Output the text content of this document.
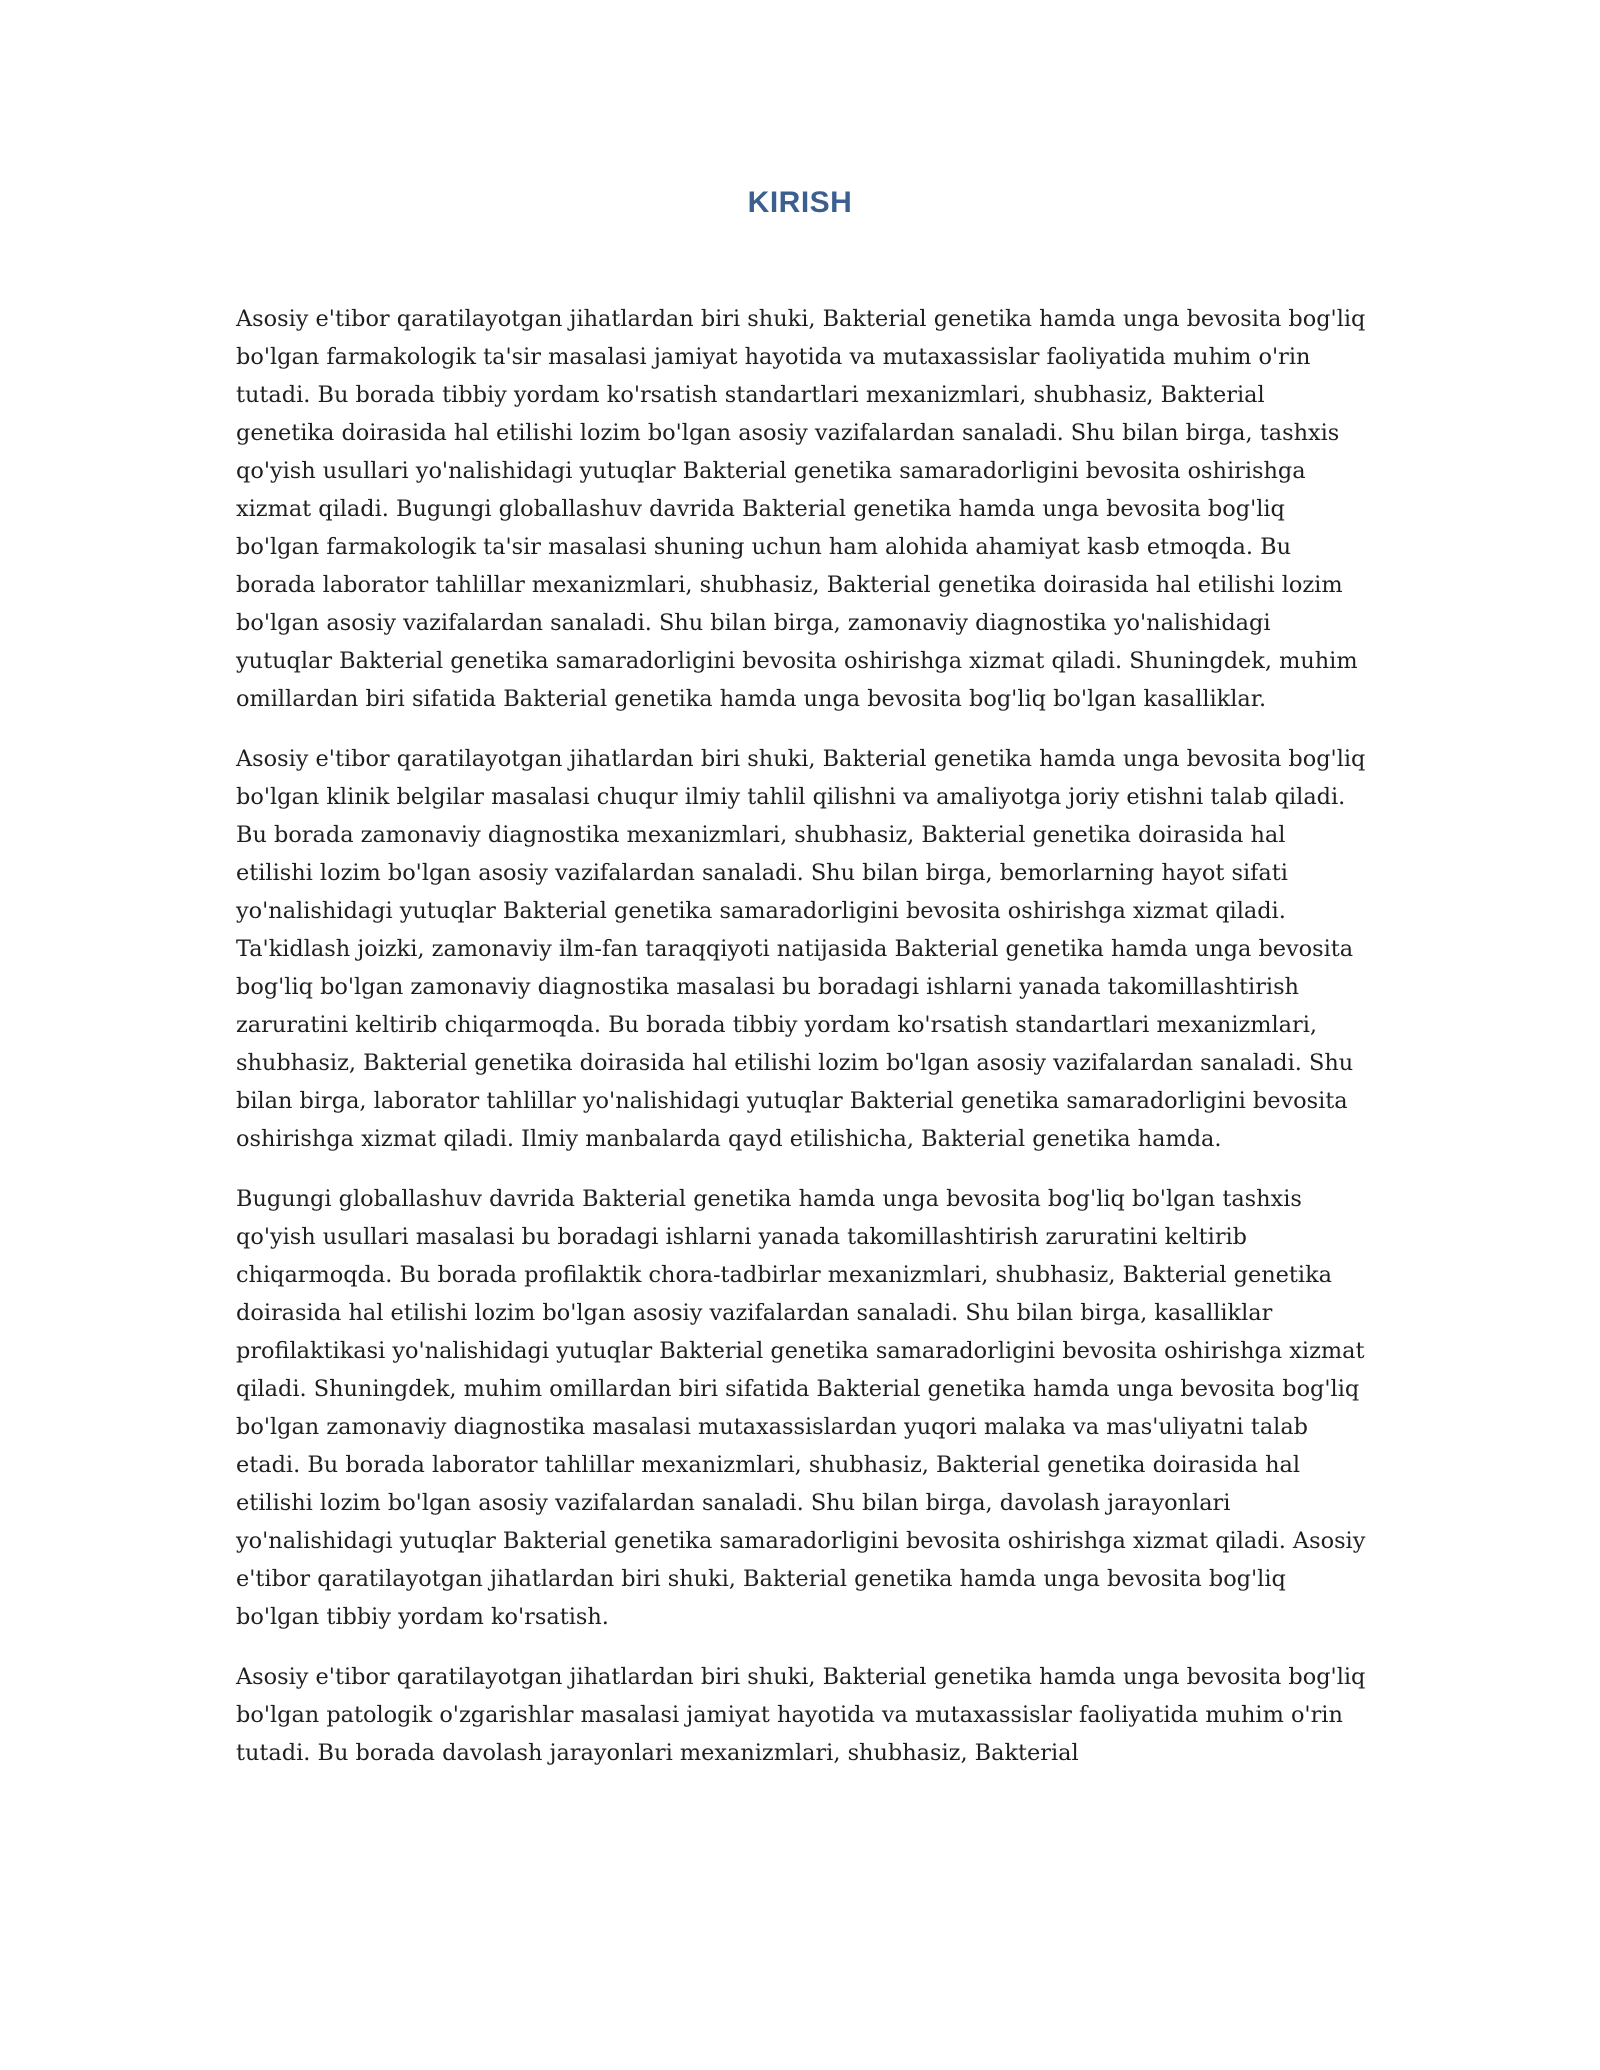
KIRISH

Asosiy e'tibor qaratilayotgan jihatlardan biri shuki, Bakterial genetika hamda unga bevosita bog'liq bo'lgan farmakologik ta'sir masalasi jamiyat hayotida va mutaxassislar faoliyatida muhim o'rin tutadi. Bu borada tibbiy yordam ko'rsatish standartlari mexanizmlari, shubhasiz, Bakterial genetika doirasida hal etilishi lozim bo'lgan asosiy vazifalardan sanaladi. Shu bilan birga, tashxis qo'yish usullari yo'nalishidagi yutuqlar Bakterial genetika samaradorligini bevosita oshirishga xizmat qiladi. Bugungi globallashuv davrida Bakterial genetika hamda unga bevosita bog'liq bo'lgan farmakologik ta'sir masalasi shuning uchun ham alohida ahamiyat kasb etmoqda. Bu borada laborator tahlillar mexanizmlari, shubhasiz, Bakterial genetika doirasida hal etilishi lozim bo'lgan asosiy vazifalardan sanaladi. Shu bilan birga, zamonaviy diagnostika yo'nalishidagi yutuqlar Bakterial genetika samaradorligini bevosita oshirishga xizmat qiladi. Shuningdek, muhim omillardan biri sifatida Bakterial genetika hamda unga bevosita bog'liq bo'lgan kasalliklar.

Asosiy e'tibor qaratilayotgan jihatlardan biri shuki, Bakterial genetika hamda unga bevosita bog'liq bo'lgan klinik belgilar masalasi chuqur ilmiy tahlil qilishni va amaliyotga joriy etishni talab qiladi. Bu borada zamonaviy diagnostika mexanizmlari, shubhasiz, Bakterial genetika doirasida hal etilishi lozim bo'lgan asosiy vazifalardan sanaladi. Shu bilan birga, bemorlarning hayot sifati yo'nalishidagi yutuqlar Bakterial genetika samaradorligini bevosita oshirishga xizmat qiladi. Ta'kidlash joizki, zamonaviy ilm-fan taraqqiyoti natijasida Bakterial genetika hamda unga bevosita bog'liq bo'lgan zamonaviy diagnostika masalasi bu boradagi ishlarni yanada takomillashtirish zaruratini keltirib chiqarmoqda. Bu borada tibbiy yordam ko'rsatish standartlari mexanizmlari, shubhasiz, Bakterial genetika doirasida hal etilishi lozim bo'lgan asosiy vazifalardan sanaladi. Shu bilan birga, laborator tahlillar yo'nalishidagi yutuqlar Bakterial genetika samaradorligini bevosita oshirishga xizmat qiladi. Ilmiy manbalarda qayd etilishicha, Bakterial genetika hamda.

Bugungi globallashuv davrida Bakterial genetika hamda unga bevosita bog'liq bo'lgan tashxis qo'yish usullari masalasi bu boradagi ishlarni yanada takomillashtirish zaruratini keltirib chiqarmoqda. Bu borada profilaktik chora-tadbirlar mexanizmlari, shubhasiz, Bakterial genetika doirasida hal etilishi lozim bo'lgan asosiy vazifalardan sanaladi. Shu bilan birga, kasalliklar profilaktikasi yo'nalishidagi yutuqlar Bakterial genetika samaradorligini bevosita oshirishga xizmat qiladi. Shuningdek, muhim omillardan biri sifatida Bakterial genetika hamda unga bevosita bog'liq bo'lgan zamonaviy diagnostika masalasi mutaxassislardan yuqori malaka va mas'uliyatni talab etadi. Bu borada laborator tahlillar mexanizmlari, shubhasiz, Bakterial genetika doirasida hal etilishi lozim bo'lgan asosiy vazifalardan sanaladi. Shu bilan birga, davolash jarayonlari yo'nalishidagi yutuqlar Bakterial genetika samaradorligini bevosita oshirishga xizmat qiladi. Asosiy e'tibor qaratilayotgan jihatlardan biri shuki, Bakterial genetika hamda unga bevosita bog'liq bo'lgan tibbiy yordam ko'rsatish.

Asosiy e'tibor qaratilayotgan jihatlardan biri shuki, Bakterial genetika hamda unga bevosita bog'liq bo'lgan patologik o'zgarishlar masalasi jamiyat hayotida va mutaxassislar faoliyatida muhim o'rin tutadi. Bu borada davolash jarayonlari mexanizmlari, shubhasiz, Bakterial
